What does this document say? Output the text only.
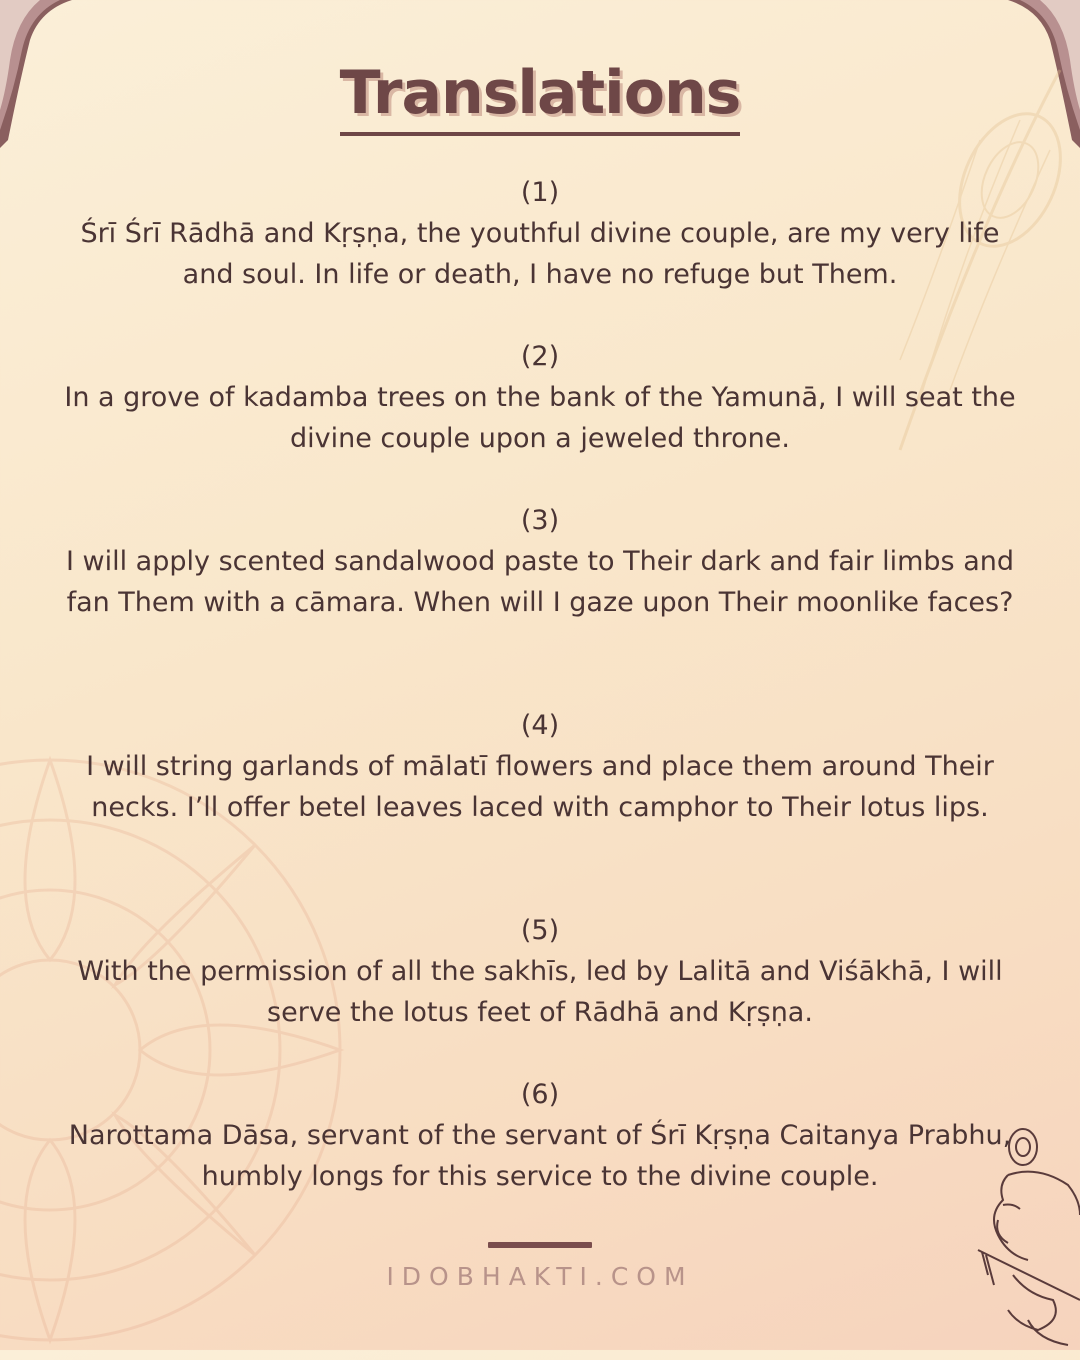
Translations
(1)
Śrī Śrī Rādhā and Kṛṣṇa, the youthful divine couple, are my very life and soul. In life or death, I have no refuge but Them.
(2)
In a grove of kadamba trees on the bank of the Yamunā, I will seat the divine couple upon a jeweled throne.
(3)
I will apply scented sandalwood paste to Their dark and fair limbs and fan Them with a cāmara. When will I gaze upon Their moonlike faces?
(4)
I will string garlands of mālatī flowers and place them around Their necks. I’ll offer betel leaves laced with camphor to Their lotus lips.
(5)
With the permission of all the sakhīs, led by Lalitā and Viśākhā, I will serve the lotus feet of Rādhā and Kṛṣṇa.
(6)
Narottama Dāsa, servant of the servant of Śrī Kṛṣṇa Caitanya Prabhu, humbly longs for this service to the divine couple.
IDOBHAKTI.COM
